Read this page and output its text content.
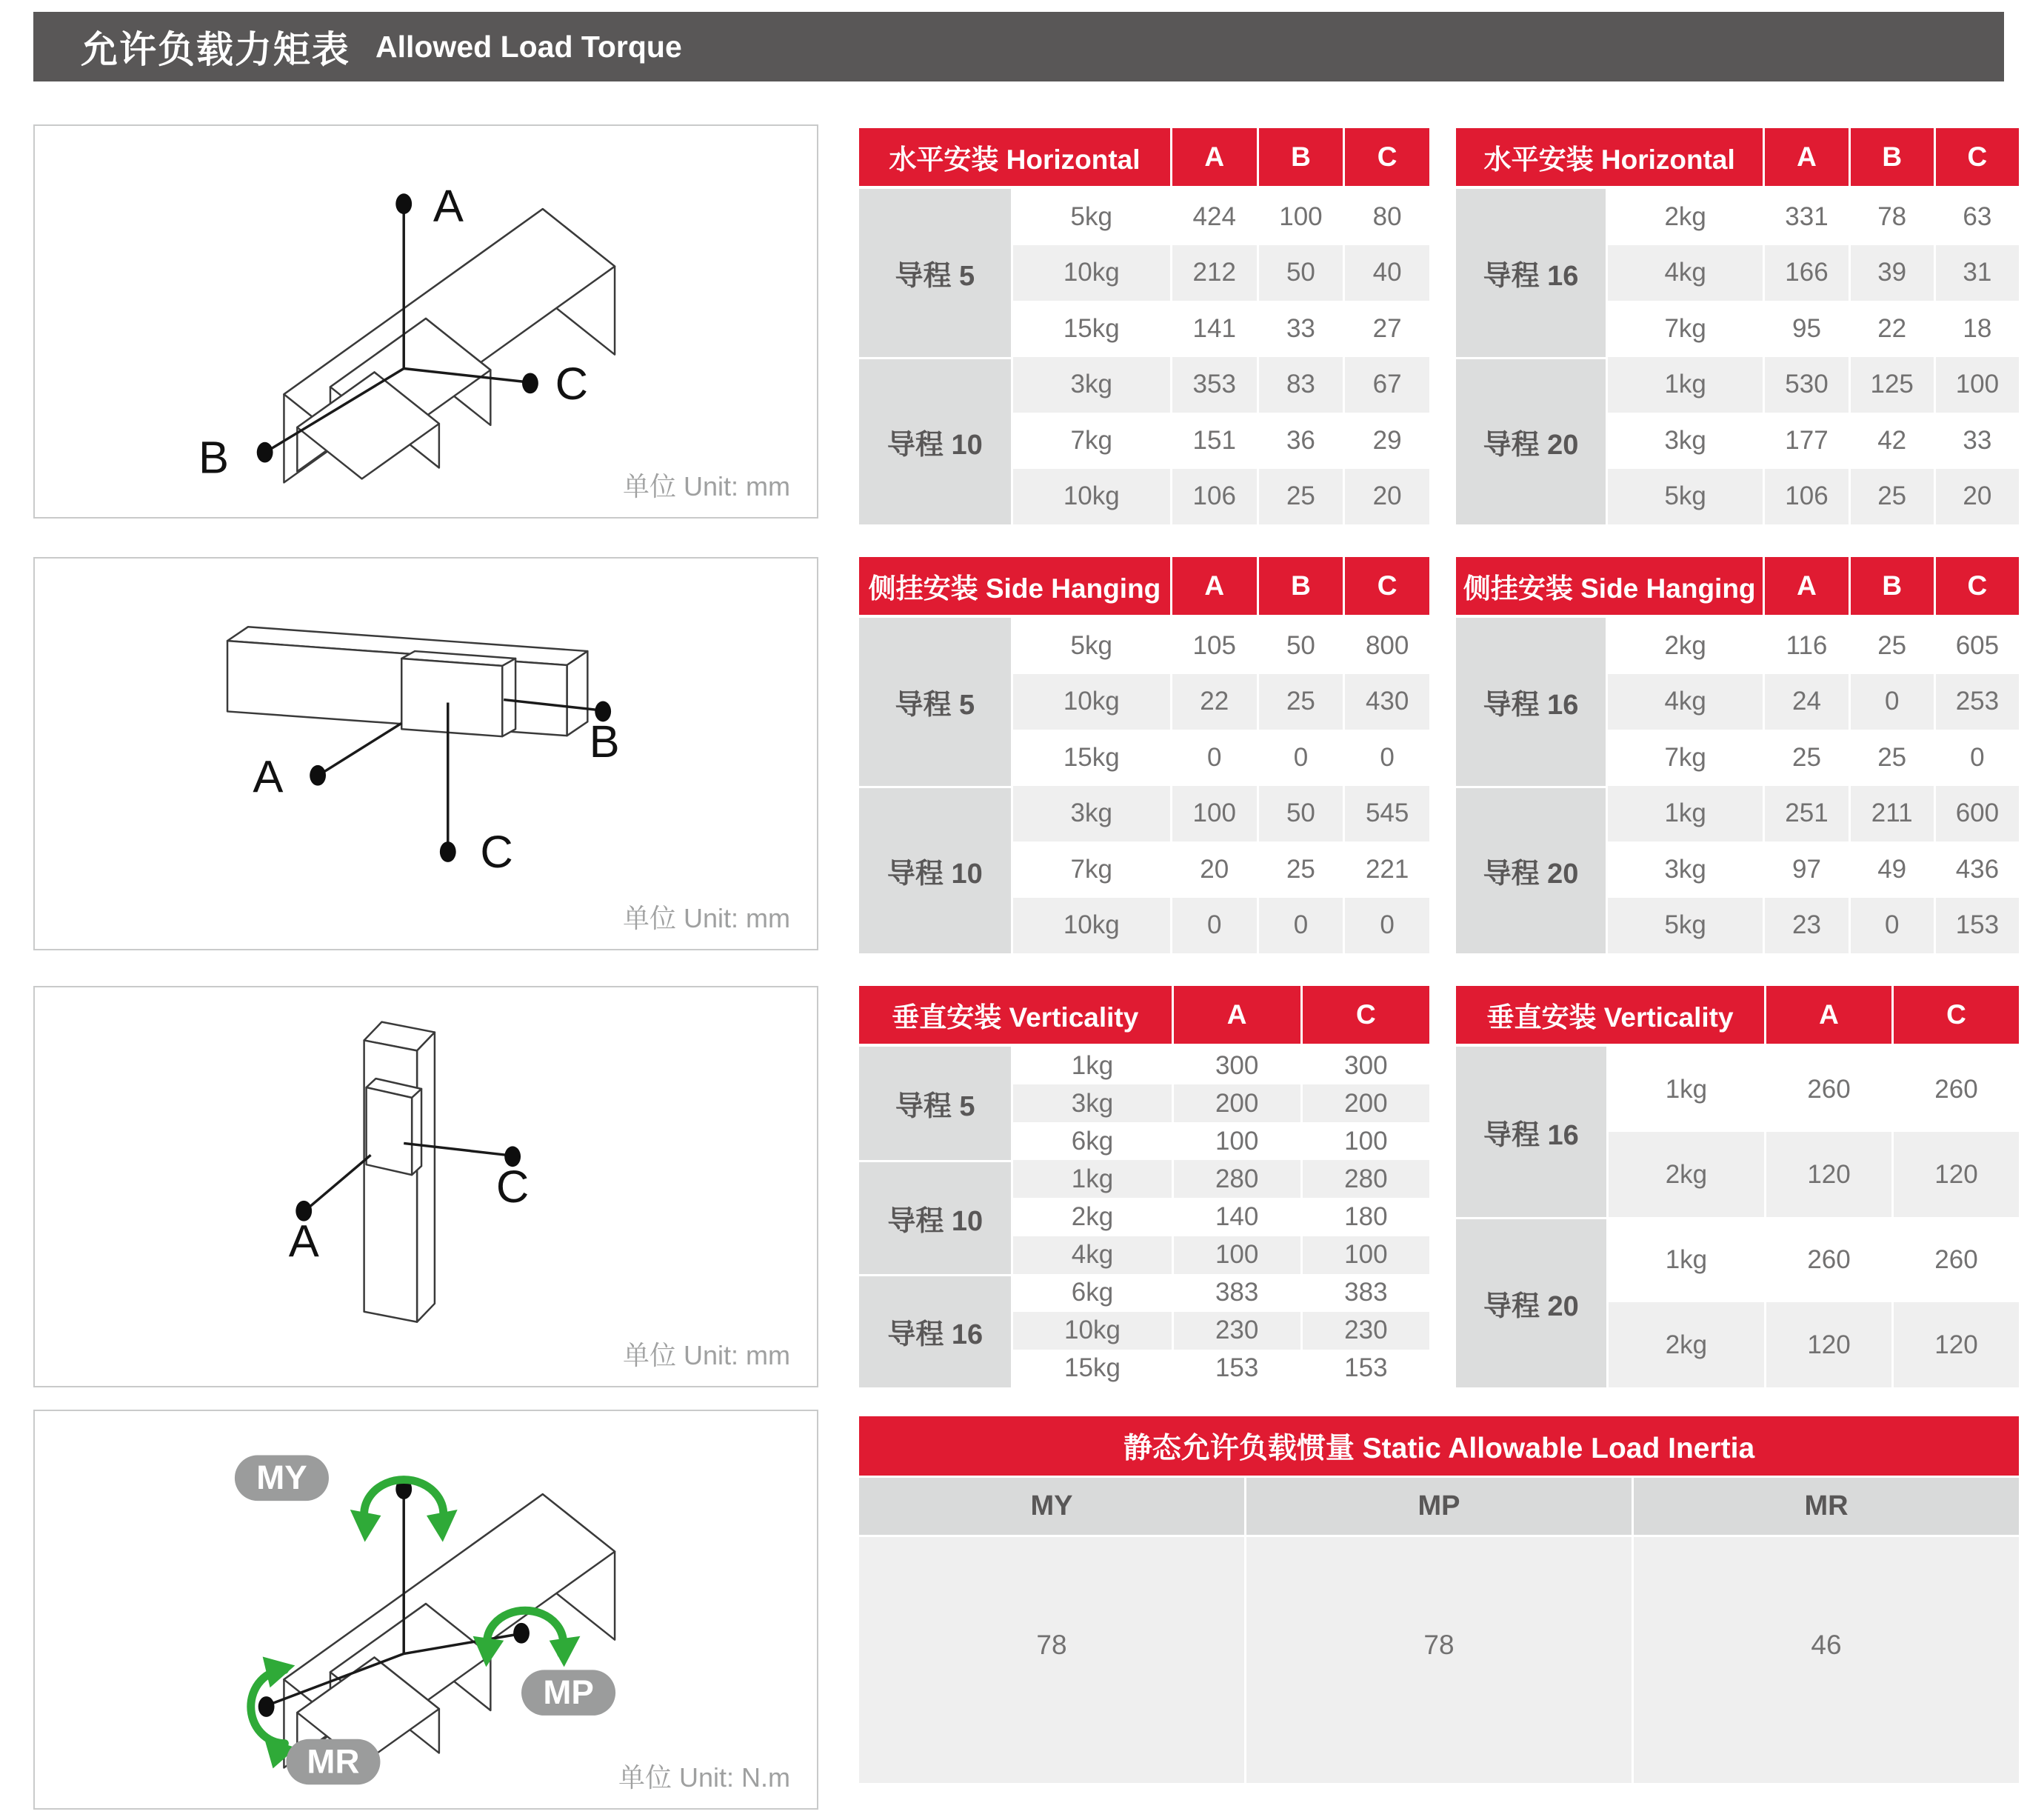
允许负载力矩表 Allowed Load Torque
A
B
C
单位 Unit: mm
A
B
C
单位 Unit: mm
A
C
单位 Unit: mm
MY
MP
MR	单位 Unit: N.m
水平安装 Horizontal	A	B	C
导程 5
5kg	424	100	80
10kg	212	50	40
15kg	141	33	27
导程 10
3kg	353	83	67
7kg	151	36	29
10kg	106	25	20
水平安装 Horizontal	A	B	C
导程 16
2kg	331	78	63
4kg	166	39	31
7kg	95	22	18
导程 20
1kg	530	125	100
3kg	177	42	33
5kg	106	25	20
侧挂安装 Side Hanging	A	B	C
导程 5
5kg	105	50	800
10kg	22	25	430
15kg	0	0	0
导程 10
3kg	100	50	545
7kg	20	25	221
10kg	0	0	0
侧挂安装 Side Hanging	A	B	C
导程 16
2kg	116	25	605
4kg	24	0	253
7kg	25	25	0
导程 20
1kg	251	211	600
3kg	97	49	436
5kg	23	0	153
垂直安装 Verticality	A	C
导程 5
1kg	300	300
3kg	200	200
6kg	100	100
导程 10
1kg	280	280
2kg	140	180
4kg	100	100
导程 16
6kg	383	383
10kg	230	230
15kg	153	153
垂直安装 Verticality	A	C
导程 16
1kg	260	260
2kg	120	120
导程 20
1kg	260	260
2kg	120	120
静态允许负载惯量 Static Allowable Load Inertia
MY	MP	MR
78	78	46
